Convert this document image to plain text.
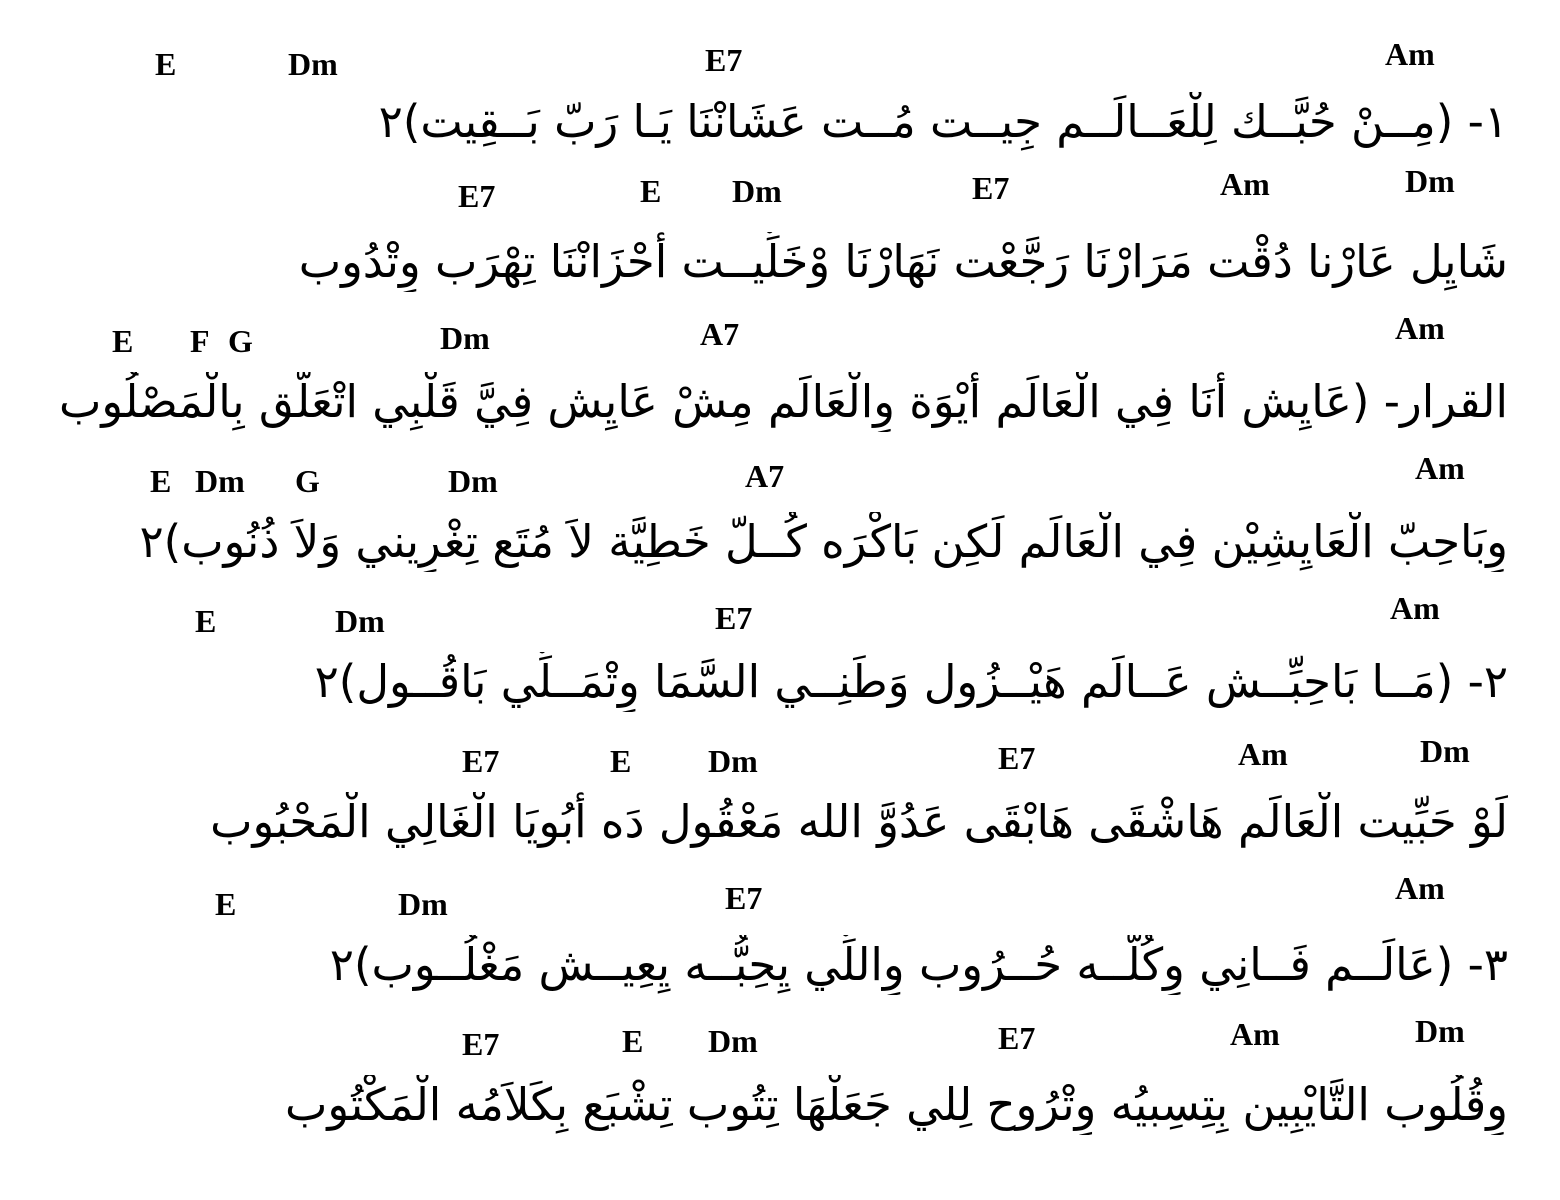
E	Dm	E7	Am
١- (مِــنْ حُبَّــك لِلْعَــالَــم جِيــت مُــت عَشَانْنَا يَـا رَبّ بَــقِيت)٢
E7	E Dm	E7	Am	Dm
شَايِل عَارْنا دُقْت مَرَارْنَا رَجَّعْت نَهَارْنَا وْخَلِّيــت أَحْزَانْنَا تِهْرَب وِتْدُوب
E F G	Dm	A7	Am
القرار- (عَايِش أَنَا فِي الْعَالَم أَيْوَة وِالْعَالَم مِشْ عَايِش فِيَّ قَلْبِي اتْعَلَّق بِالْمَصْلُوب
E Dm G	Dm	A7	Am
وِبَاحِبّ الْعَايِشِيْن فِي الْعَالَم لَكِن بَاكْرَه كُــلّ خَطِيَّة لاَ مُتَع تِغْرِيني وَلاَ ذُنُوب)٢
E	Dm	E7	Am
٢- (مَــا بَاحِبِّــش عَــالَم هَيْــزُول وَطَنِــي السَّمَا وِتْمَــلِّي بَاقُــول)٢
E7	E Dm	E7	Am	Dm
لَوْ حَبِّيت الْعَالَم هَاشْقَى هَابْقَى عَدُوَّ الله مَعْقُول دَه أَبُويَا الْغَالِي الْمَحْبُوب
E	Dm	E7	Am
٣- (عَالَــم فَــانِي وِكُلُّــه حُــرُوب وِاللِّي يِحِبُّــه يِعِيــش مَغْلُــوب)٢
E7	E Dm	E7	Am	Dm
وِقُلُوب التَّايْبِين بِتِسِبيُه وِتْرُوح لِلي جَعَلْهَا تِتُوب تِشْبَع بِكَلاَمُه الْمَكْتُوب
